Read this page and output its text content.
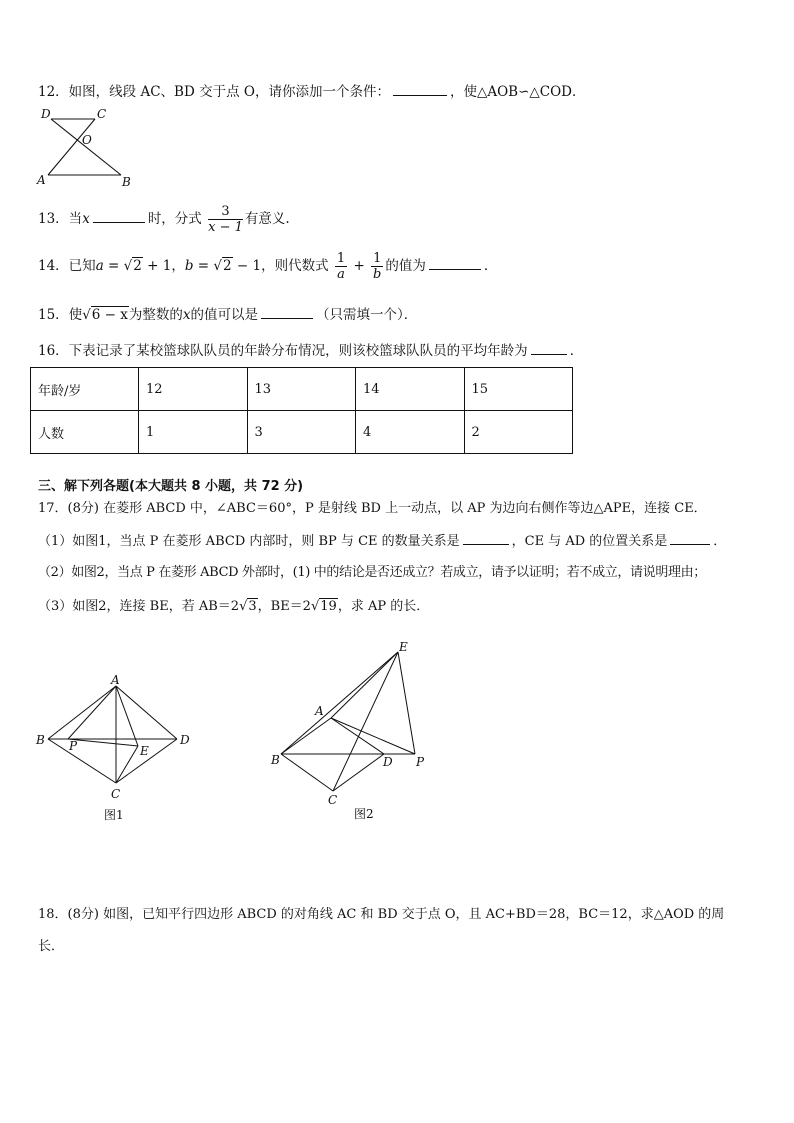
12．如图，线段 AC、BD 交于点 O，请你添加一个条件：	，使△AOB∽△COD．
D	C
O
A	B
13．当x	时，分式 $\frac{3}{x - 1}$ 有意义.
14．已知a = √2 + 1，b = √2 − 1，则代数式 $\frac{1}{a} + \frac{1}{b}$ 的值为	．
15．使√6 − x为整数的x的值可以是	（只需填一个）．
16．下表记录了某校篮球队队员的年龄分布情况，则该校篮球队队员的平均年龄为	．
年龄/岁	12	13	14	15
人数	1	3	4	2
三、解下列各题(本大题共 8 小题，共 72 分)
17．(8分) 在菱形 ABCD 中，∠ABC＝60°，P 是射线 BD 上一动点，以 AP 为边向右侧作等边△APE，连接 CE．
（1）如图1，当点 P 在菱形 ABCD 内部时，则 BP 与 CE 的数量关系是	，CE 与 AD 的位置关系是	．
（2）如图2，当点 P 在菱形 ABCD 外部时，(1) 中的结论是否还成立？若成立，请予以证明；若不成立，请说明理由；
（3）如图2，连接 BE，若 AB＝2√3，BE＝2√19，求 AP 的长．
A
B P	E
D
C
图1
E
A
B	D P
C
图2
18．(8分) 如图，已知平行四边形 ABCD 的对角线 AC 和 BD 交于点 O，且 AC+BD＝28，BC＝12，求△AOD 的周
长．
